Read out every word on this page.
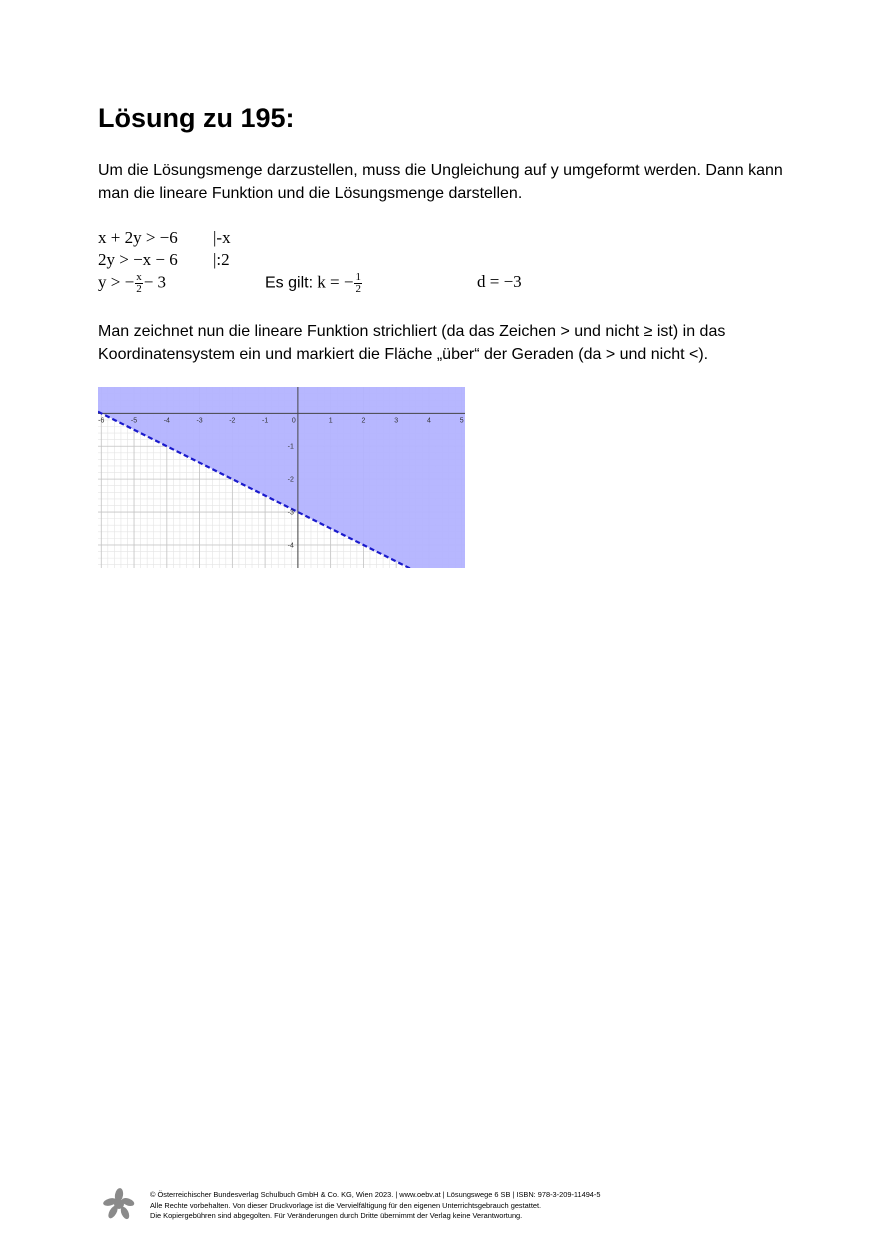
Lösung zu 195:

Um die Lösungsmenge darzustellen, muss die Ungleichung auf y umgeformt werden. Dann kann man die lineare Funktion und die Lösungsmenge darstellen.

x + 2y > −6 |-x
2y > −x − 6 |:2
y > − $\frac{x}{2} - 3$	Es gilt: k = − $\frac{1}{2}$	d = −3

Man zeichnet nun die lineare Funktion strichliert (da das Zeichen > und nicht ≥ ist) in das Koordinatensystem ein und markiert die Fläche „über“ der Geraden (da > und nicht <).

-6	-5	-4	-3	-2	-1	0	1	2	3	4	5
-1
-2
-3
-4
© Österreichischer Bundesverlag Schulbuch GmbH & Co. KG, Wien 2023. | www.oebv.at | Lösungswege 6 SB | ISBN: 978-3-209-11494-5
Alle Rechte vorbehalten. Von dieser Druckvorlage ist die Vervielfältigung für den eigenen Unterrichtsgebrauch gestattet.
Die Kopiergebühren sind abgegolten. Für Veränderungen durch Dritte übernimmt der Verlag keine Verantwortung.
